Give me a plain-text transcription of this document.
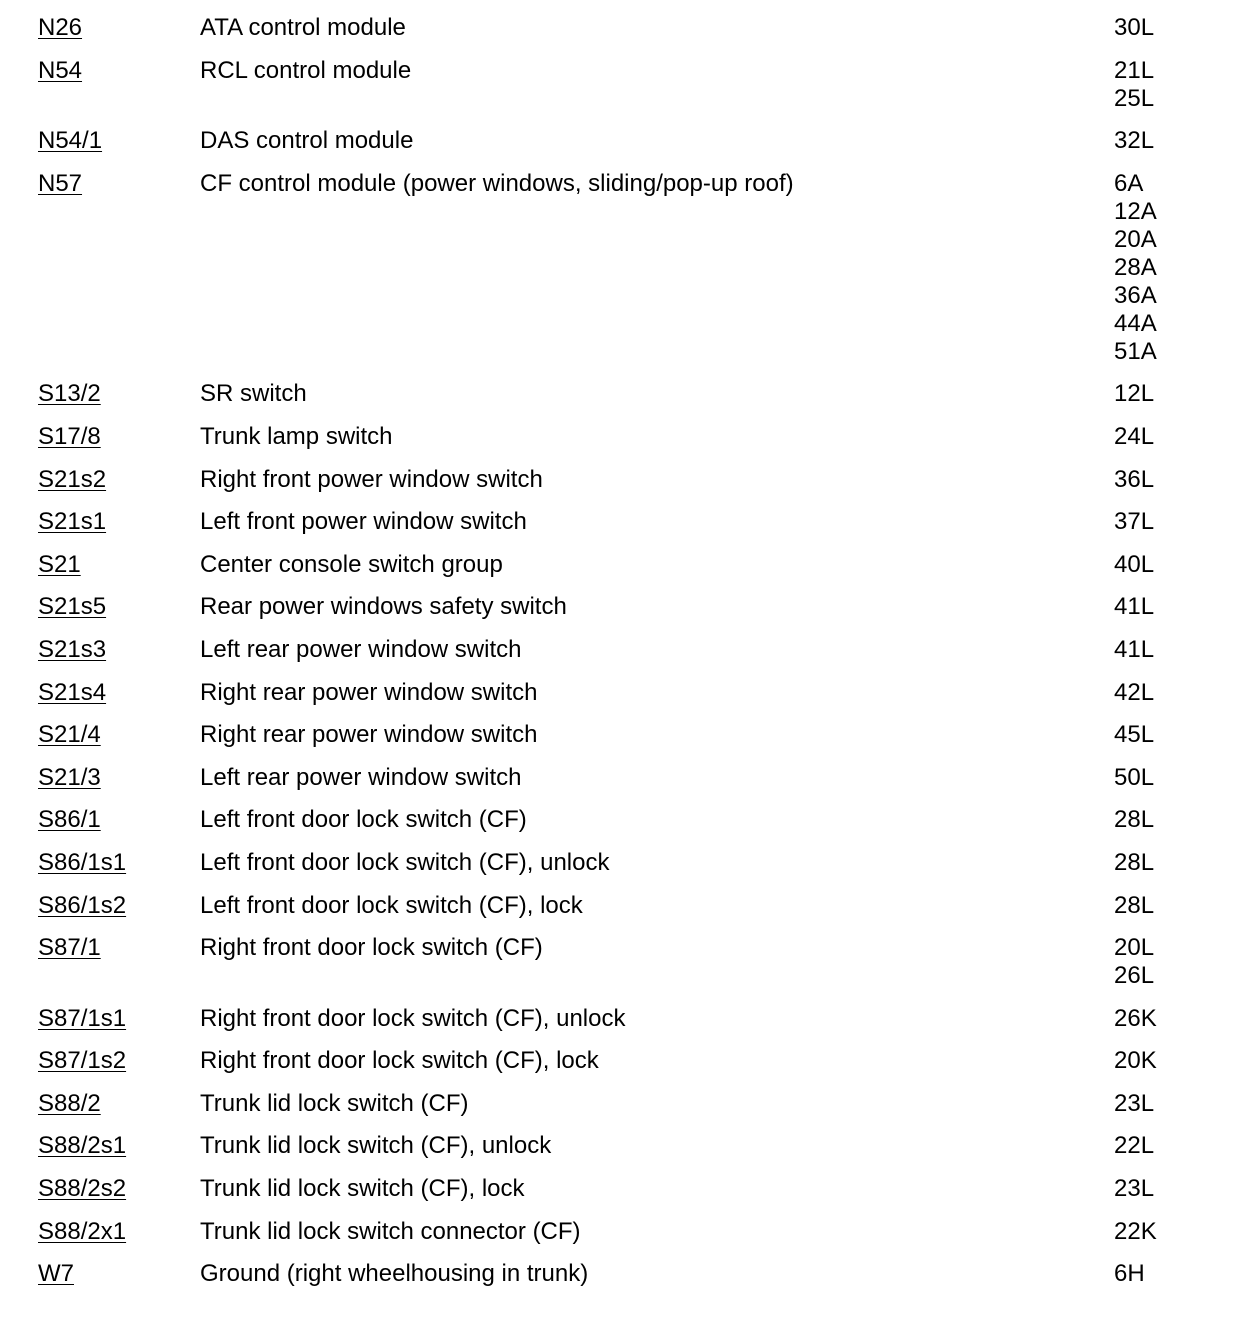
N26	ATA control module	30L
N54	RCL control module	21L
25L
N54/1	DAS control module	32L
N57	CF control module (power windows, sliding/pop-up roof)	6A
12A
20A
28A
36A
44A
51A
S13/2	SR switch	12L
S17/8	Trunk lamp switch	24L
S21s2	Right front power window switch	36L
S21s1	Left front power window switch	37L
S21	Center console switch group	40L
S21s5	Rear power windows safety switch	41L
S21s3	Left rear power window switch	41L
S21s4	Right rear power window switch	42L
S21/4	Right rear power window switch	45L
S21/3	Left rear power window switch	50L
S86/1	Left front door lock switch (CF)	28L
S86/1s1	Left front door lock switch (CF), unlock	28L
S86/1s2	Left front door lock switch (CF), lock	28L
S87/1	Right front door lock switch (CF)	20L
26L
S87/1s1	Right front door lock switch (CF), unlock	26K
S87/1s2	Right front door lock switch (CF), lock	20K
S88/2	Trunk lid lock switch (CF)	23L
S88/2s1	Trunk lid lock switch (CF), unlock	22L
S88/2s2	Trunk lid lock switch (CF), lock	23L
S88/2x1	Trunk lid lock switch connector (CF)	22K
W7	Ground (right wheelhousing in trunk)	6H
